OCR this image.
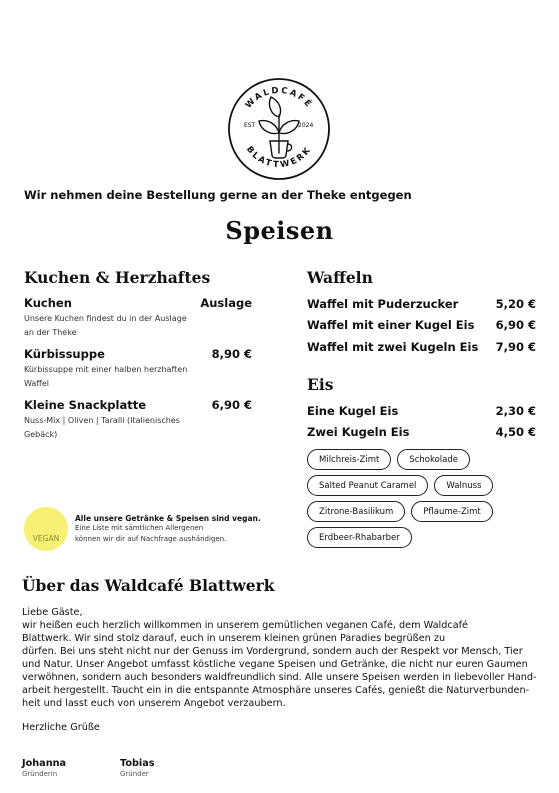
WALDCAFÉ
BLATTWERK
EST	2024
Wir nehmen deine Bestellung gerne an der Theke entgegen
Speisen
Kuchen & Herzhaftes
Kuchen	Auslage
Unsere Kuchen findest du in der Auslage an der Theke
Kürbissuppe	8,90 €
Kürbissuppe mit einer halben herzhaften Waffel
Kleine Snackplatte	6,90 €
Nuss-Mix | Oliven | Taralli (Italienisches Gebäck)
Waffeln
Waffel mit Puderzucker	5,20 €
Waffel mit einer Kugel Eis 6,90 €
Waffel mit zwei Kugeln Eis 7,90 €
Eis
Eine Kugel Eis	2,30 €
Zwei Kugeln Eis	4,50 €
Milchreis-Zimt	Schokolade
Salted Peanut Caramel	Walnuss
Zitrone-Basilikum	Pflaume-Zimt
Erdbeer-Rhabarber
VEGAN
Alle unsere Getränke & Speisen sind vegan.
Eine Liste mit sämtlichen Allergenen
können wir dir auf Nachfrage aushändigen.
Über das Waldcafé Blattwerk
Liebe Gäste,
wir heißen euch herzlich willkommen in unserem gemütlichen veganen Café, dem Waldcafé
Blattwerk. Wir sind stolz darauf, euch in unserem kleinen grünen Paradies begrüßen zu
dürfen. Bei uns steht nicht nur der Genuss im Vordergrund, sondern auch der Respekt vor Mensch, Tier
und Natur. Unser Angebot umfasst köstliche vegane Speisen und Getränke, die nicht nur euren Gaumen
verwöhnen, sondern auch besonders waldfreundlich sind. Alle unsere Speisen werden in liebevoller Hand-
arbeit hergestellt. Taucht ein in die entspannte Atmosphäre unseres Cafés, genießt die Naturverbunden-
heit und lasst euch von unserem Angebot verzaubern.
Herzliche Grüße
Johanna
Gründerin
Tobias
Gründer
